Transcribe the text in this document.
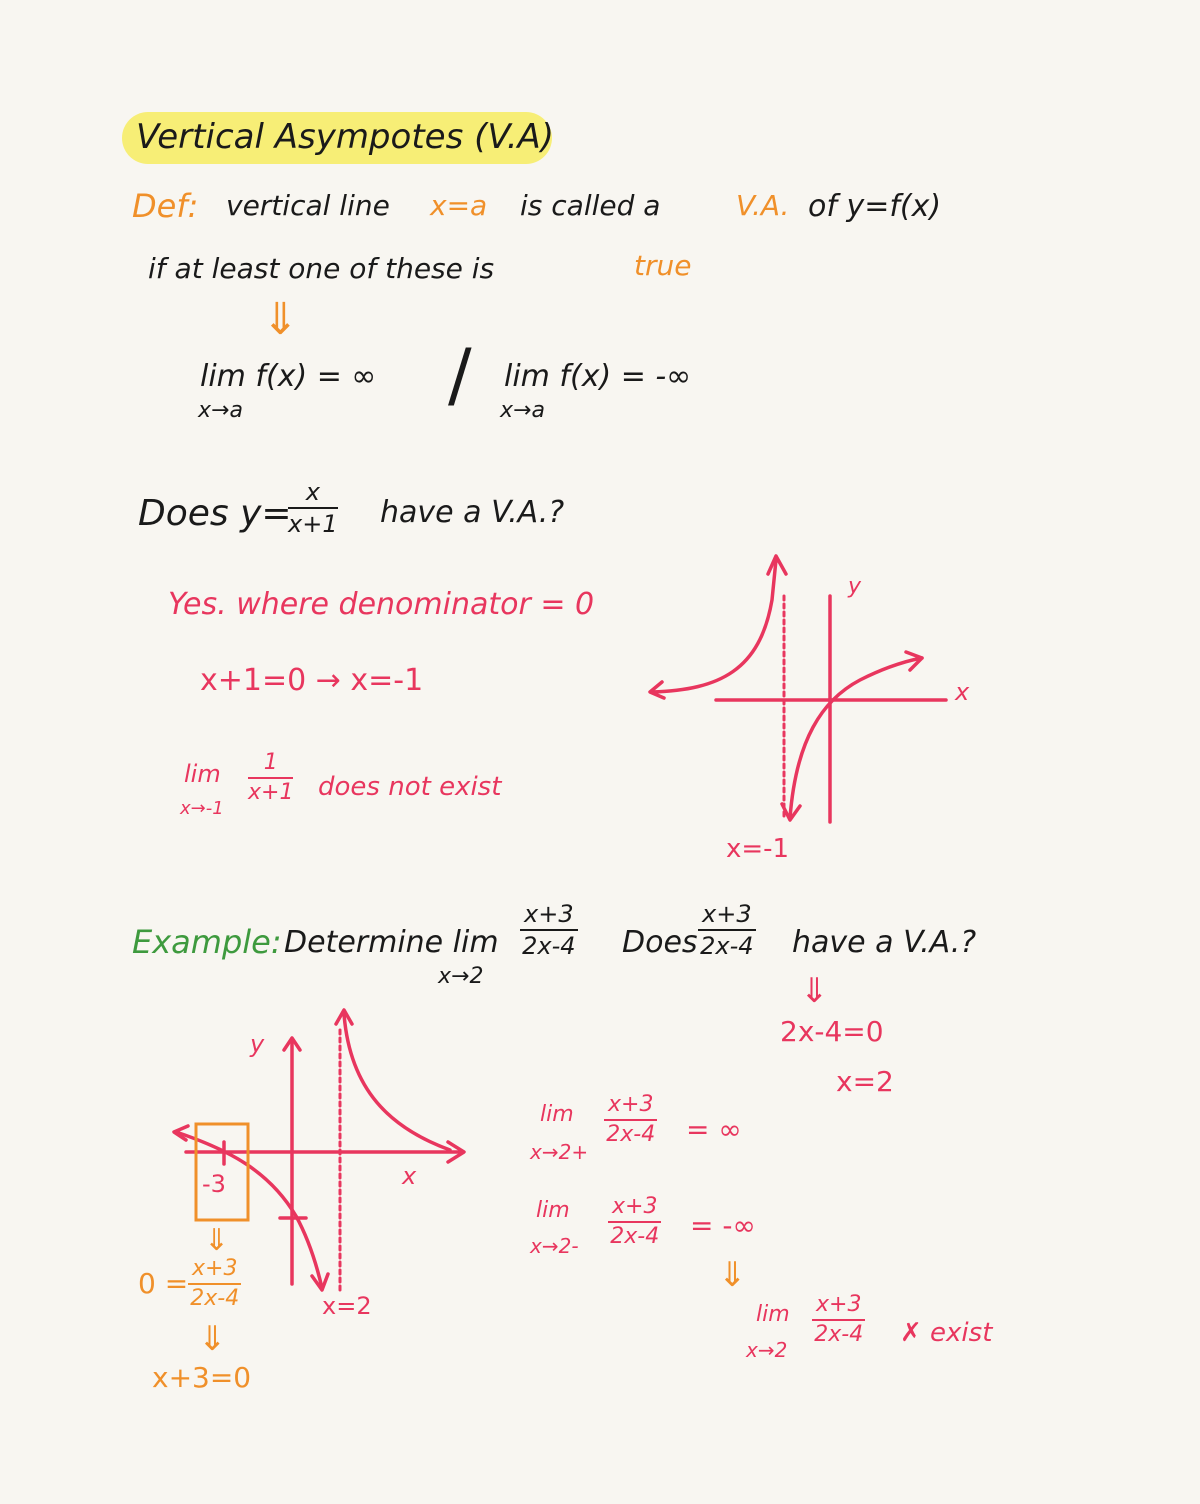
Vertical Asympotes (V.A)
Def: vertical line x=a is called a	V.A. of y=f(x)
if at least one of these is	true
⇓
lim f(x) = ∞
x→a	/ lim f(x) = -∞
x→a
Does y=
$\frac{x}{x+1}$ have a V.A.?
Yes. where denominator = 0
x+1=0 → x=-1
lim
x→-1
$\frac{1}{x+1}$ does not exist
y
x
x=-1
Example: Determine lim
x→2
$\frac{x+3}{2x-4}$ Does $\frac{x+3}{2x-4}$ have a V.A.?
⇓
2x-4=0
x=2
lim
x→2+
$\frac{x+3}{2x-4}$ = ∞
lim
$x\to 2- \frac{x+3}{2x-4}$ = -∞
⇓
lim
x→2
$\frac{x+3}{2x-4}$ ✗ exist
y
x
-3
x=2
⇓
$0 = \frac{x+3}{2x-4}$
⇓
x+3=0
